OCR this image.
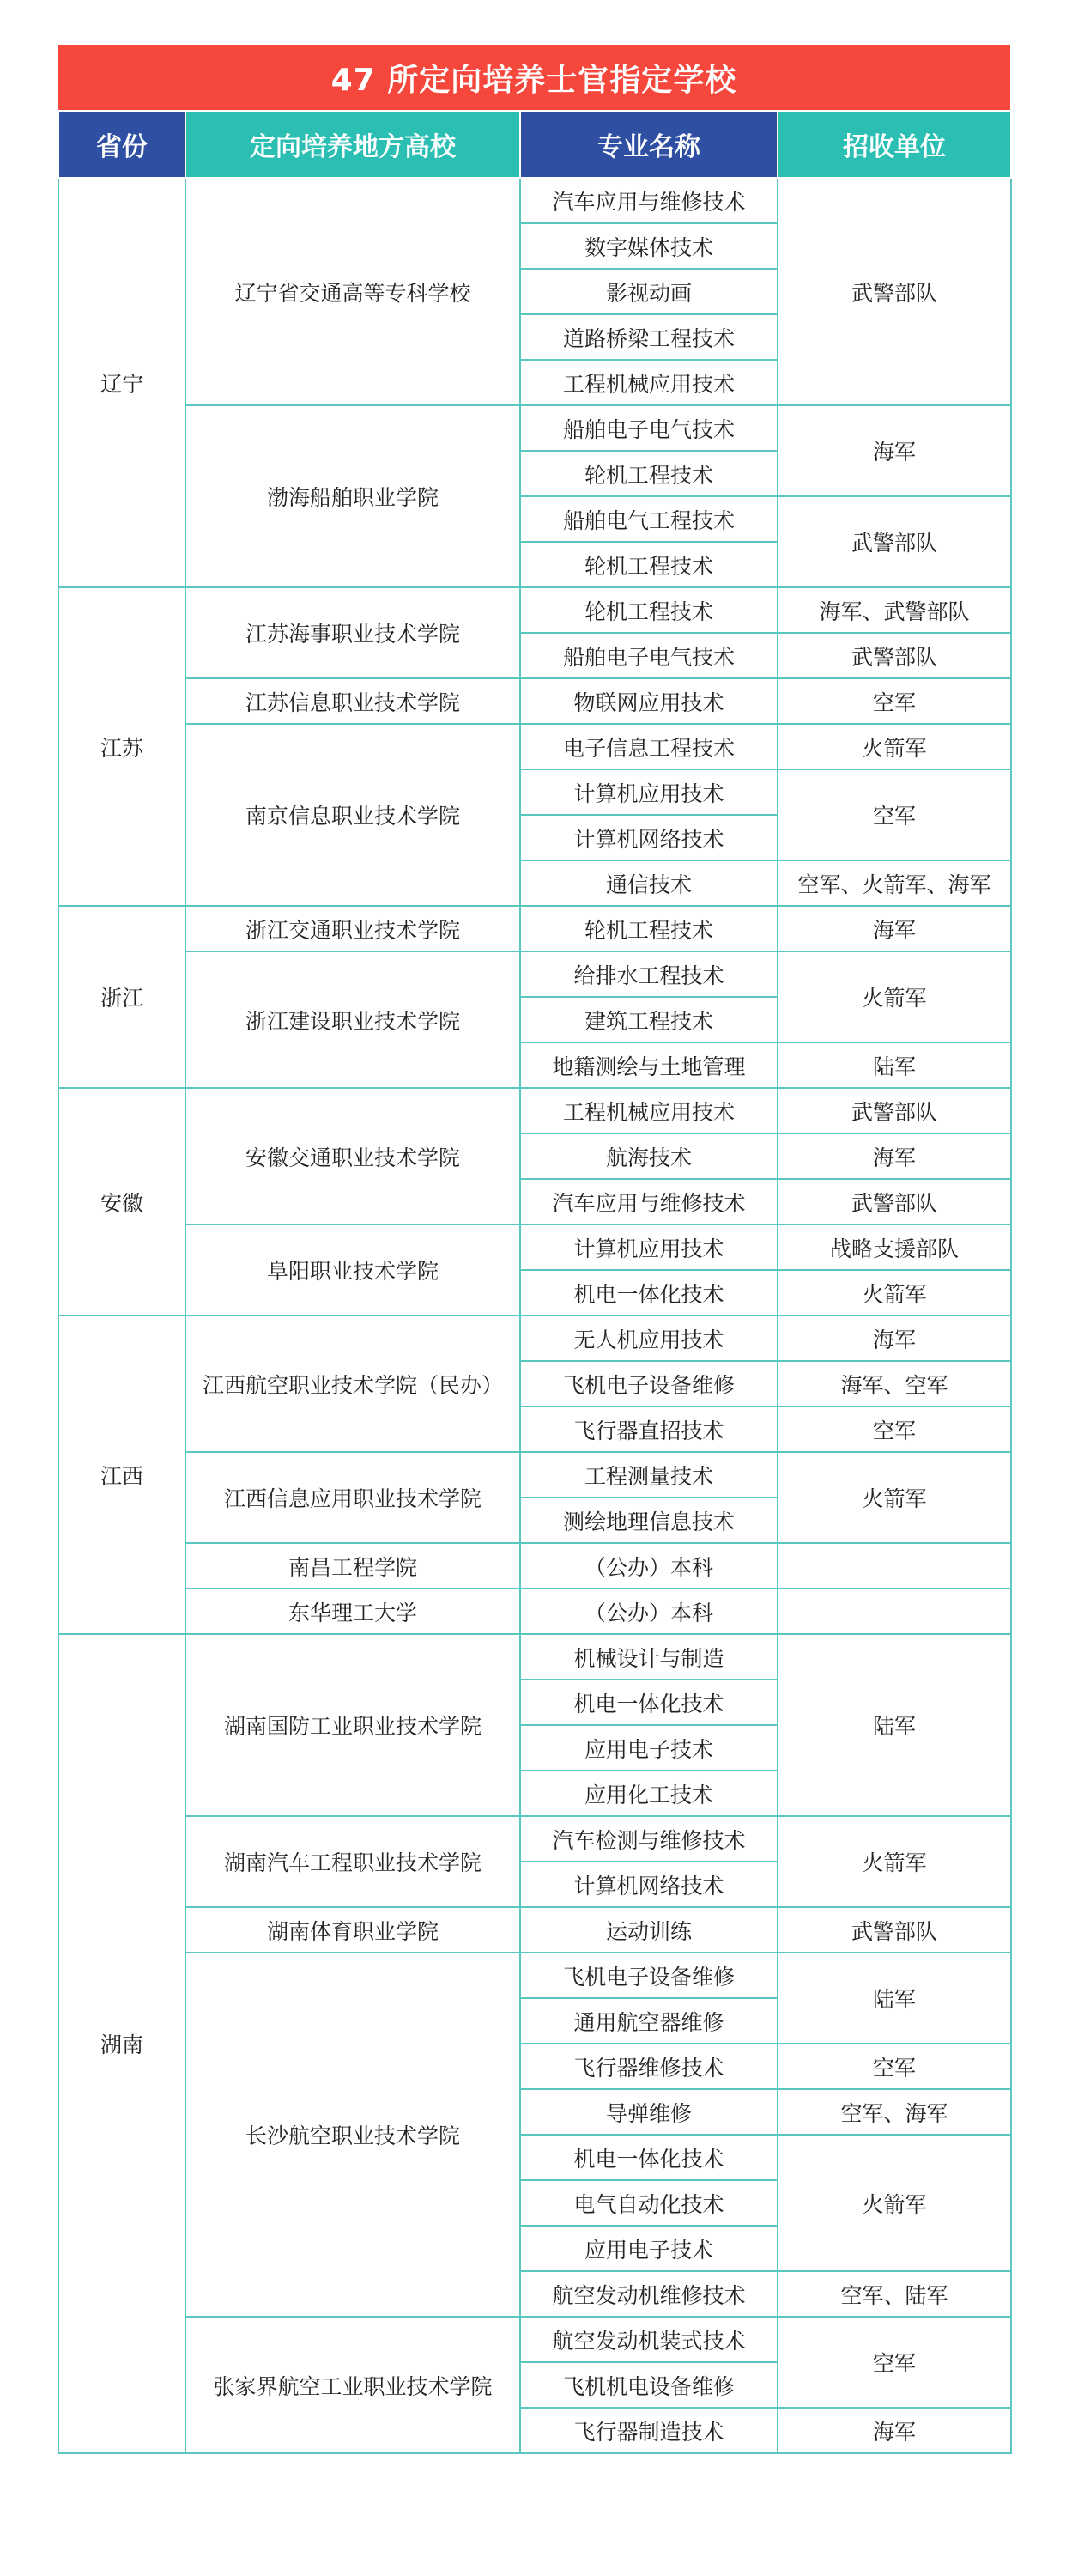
47 所定向培养士官指定学校
省份	定向培养地方高校	专业名称	招收单位
辽宁	辽宁省交通高等专科学校	汽车应用与维修技术	武警部队
		数字媒体技术	
		影视动画	
		道路桥梁工程技术	
		工程机械应用技术	
	渤海船舶职业学院	船舶电子电气技术	海军
		轮机工程技术	
		船舶电气工程技术	武警部队
		轮机工程技术	
江苏	江苏海事职业技术学院	轮机工程技术	海军、武警部队
		船舶电子电气技术	武警部队
	江苏信息职业技术学院	物联网应用技术	空军
	南京信息职业技术学院	电子信息工程技术	火箭军
		计算机应用技术	空军
		计算机网络技术	
		通信技术	空军、火箭军、海军
浙江	浙江交通职业技术学院	轮机工程技术	海军
	浙江建设职业技术学院	给排水工程技术	火箭军
		建筑工程技术	
		地籍测绘与土地管理	陆军
安徽	安徽交通职业技术学院	工程机械应用技术	武警部队
		航海技术	海军
		汽车应用与维修技术	武警部队
	阜阳职业技术学院	计算机应用技术	战略支援部队
		机电一体化技术	火箭军
江西	江西航空职业技术学院（民办）	无人机应用技术	海军
		飞机电子设备维修	海军、空军
		飞行器直招技术	空军
	江西信息应用职业技术学院	工程测量技术	火箭军
		测绘地理信息技术	
	南昌工程学院	（公办）本科	
	东华理工大学	（公办）本科	
湖南	湖南国防工业职业技术学院	机械设计与制造	陆军
		机电一体化技术	
		应用电子技术	
		应用化工技术	
	湖南汽车工程职业技术学院	汽车检测与维修技术	火箭军
		计算机网络技术	
	湖南体育职业学院	运动训练	武警部队
	长沙航空职业技术学院	飞机电子设备维修	陆军
		通用航空器维修	
		飞行器维修技术	空军
		导弹维修	空军、海军
		机电一体化技术	火箭军
		电气自动化技术	
		应用电子技术	
		航空发动机维修技术	空军、陆军
	张家界航空工业职业技术学院	航空发动机装式技术	空军
		飞机机电设备维修	
		飞行器制造技术	海军
